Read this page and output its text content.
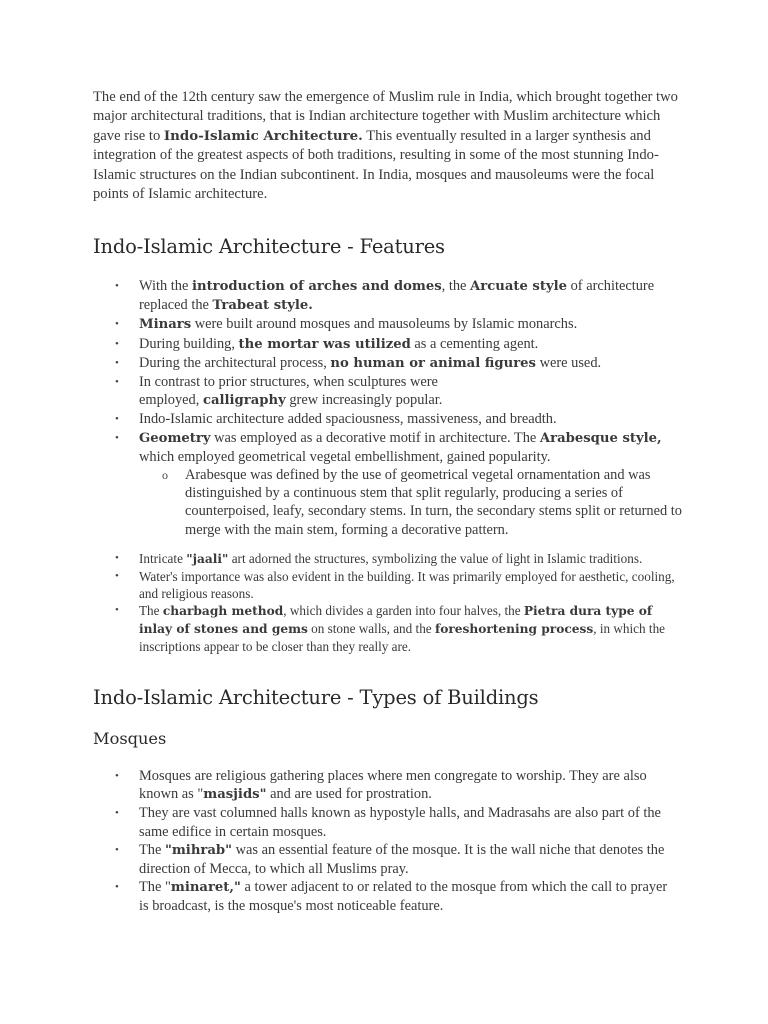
The end of the 12th century saw the emergence of Muslim rule in India, which brought together two major architectural traditions, that is Indian architecture together with Muslim architecture which gave rise to Indo-Islamic Architecture. This eventually resulted in a larger synthesis and integration of the greatest aspects of both traditions, resulting in some of the most stunning Indo-Islamic structures on the Indian subcontinent. In India, mosques and mausoleums were the focal points of Islamic architecture.

Indo-Islamic Architecture - Features
• With the introduction of arches and domes, the Arcuate style of architecture replaced the Trabeat style.
• Minars were built around mosques and mausoleums by Islamic monarchs.
• During building, the mortar was utilized as a cementing agent.
• During the architectural process, no human or animal figures were used.
• In contrast to prior structures, when sculptures were employed, calligraphy grew increasingly popular.
• Indo-Islamic architecture added spaciousness, massiveness, and breadth.
• Geometry was employed as a decorative motif in architecture. The Arabesque style, which employed geometrical vegetal embellishment, gained popularity.
o Arabesque was defined by the use of geometrical vegetal ornamentation and was distinguished by a continuous stem that split regularly, producing a series of counterpoised, leafy, secondary stems. In turn, the secondary stems split or returned to merge with the main stem, forming a decorative pattern.
• Intricate "jaali" art adorned the structures, symbolizing the value of light in Islamic traditions.
• Water's importance was also evident in the building. It was primarily employed for aesthetic, cooling, and religious reasons.
• The charbagh method, which divides a garden into four halves, the Pietra dura type of inlay of stones and gems on stone walls, and the foreshortening process, in which the inscriptions appear to be closer than they really are.
Indo-Islamic Architecture - Types of Buildings
Mosques
• Mosques are religious gathering places where men congregate to worship. They are also known as "masjids" and are used for prostration.
• They are vast columned halls known as hypostyle halls, and Madrasahs are also part of the same edifice in certain mosques.
• The "mihrab" was an essential feature of the mosque. It is the wall niche that denotes the direction of Mecca, to which all Muslims pray.
• The "minaret," a tower adjacent to or related to the mosque from which the call to prayer is broadcast, is the mosque's most noticeable feature.
